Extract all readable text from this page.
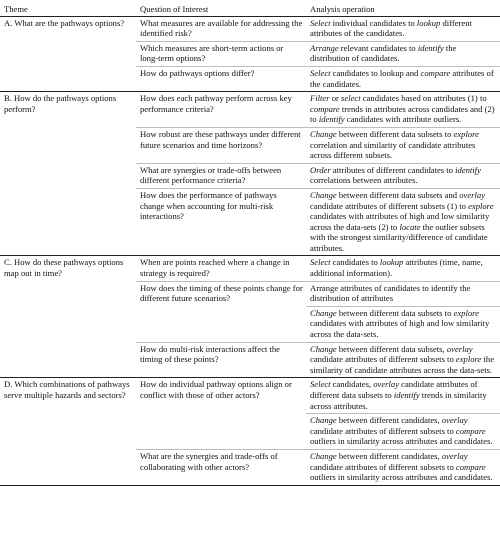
Theme	Question of Interest	Analysis operation
A. What are the pathways options?	What measures are available for addressing the identified risk?	Select individual candidates to lookup different attributes of the candidates.
	Which measures are short-term actions or long-term options?	Arrange relevant candidates to identify the distribution of candidates.
	How do pathways options differ?	Select candidates to lookup and compare attributes of the candidates.
B. How do the pathways options perform?	How does each pathway perform across key performance criteria?	Filter or select candidates based on attributes (1) to compare trends in attributes across candidates and (2) to identify candidates with attribute outliers.
	How robust are these pathways under different future scenarios and time horizons?	Change between different data subsets to explore correlation and similarity of candidate attributes across different subsets.
	What are synergies or trade-offs between different performance criteria?	Order attributes of different candidates to identify correlations between attributes.
	How does the performance of pathways change when accounting for multi-risk interactions?	Change between different data subsets and overlay candidate attributes of different subsets (1) to explore candidates with attributes of high and low similarity across the data-sets (2) to locate the outlier subsets with the strongest similarity/difference of candidate attributes.
C. How do these pathways options map out in time?	When are points reached where a change in strategy is required?	Select candidates to lookup attributes (time, name, additional information).
	How does the timing of these points change for different future scenarios?	Arrange attributes of candidates to identify the distribution of attributes
		Change between different data subsets to explore candidates with attributes of high and low similarity across the data-sets.
	How do multi-risk interactions affect the timing of these points?	Change between different data subsets, overlay candidate attributes of different subsets to explore the similarity of candidate attributes across the data-sets.
D. Which combinations of pathways serve multiple hazards and sectors?	How do individual pathway options align or conflict with those of other actors?	Select candidates, overlay candidate attributes of different data subsets to identify trends in similarity across attributes.
		Change between different candidates, overlay candidate attributes of different subsets to compare outliers in similarity across attributes and candidates.
	What are the synergies and trade-offs of collaborating with other actors?	Change between different candidates, overlay candidate attributes of different subsets to compare outliers in similarity across attributes and candidates.
